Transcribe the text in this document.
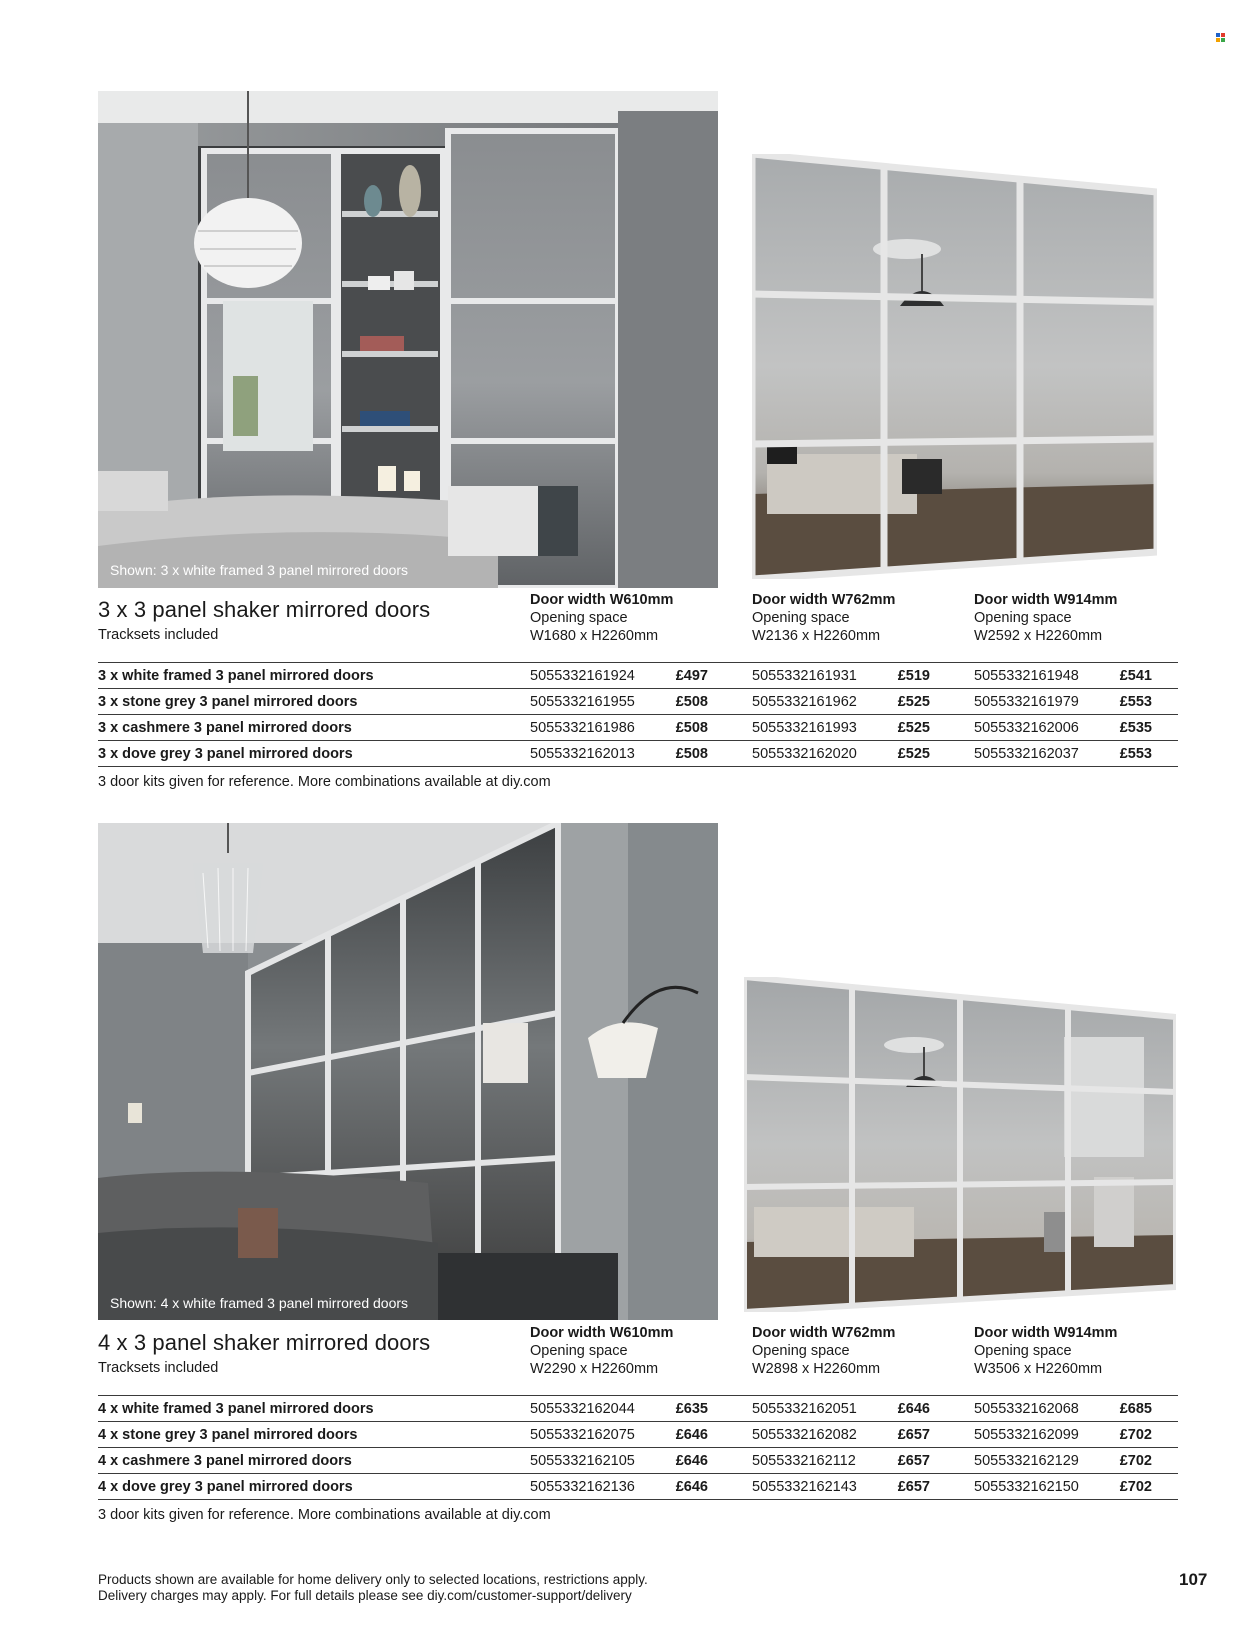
Shown: 3 x white framed 3 panel mirrored doors
3 x 3 panel shaker mirrored doors
Tracksets included
Door width W610mm
Opening space
W1680 x H2260mm
Door width W762mm
Opening space
W2136 x H2260mm
Door width W914mm
Opening space
W2592 x H2260mm
3 x white framed 3 panel mirrored doors	5055332161924	£497	5055332161931	£519	5055332161948	£541
3 x stone grey 3 panel mirrored doors	5055332161955	£508	5055332161962	£525	5055332161979	£553
3 x cashmere 3 panel mirrored doors	5055332161986	£508	5055332161993	£525	5055332162006	£535
3 x dove grey 3 panel mirrored doors	5055332162013	£508	5055332162020	£525	5055332162037	£553
3 door kits given for reference. More combinations available at diy.com
Shown: 4 x white framed 3 panel mirrored doors
4 x 3 panel shaker mirrored doors
Tracksets included
Door width W610mm
Opening space
W2290 x H2260mm
Door width W762mm
Opening space
W2898 x H2260mm
Door width W914mm
Opening space
W3506 x H2260mm
4 x white framed 3 panel mirrored doors	5055332162044	£635	5055332162051	£646	5055332162068	£685
4 x stone grey 3 panel mirrored doors	5055332162075	£646	5055332162082	£657	5055332162099	£702
4 x cashmere 3 panel mirrored doors	5055332162105	£646	5055332162112	£657	5055332162129	£702
4 x dove grey 3 panel mirrored doors	5055332162136	£646	5055332162143	£657	5055332162150	£702
3 door kits given for reference. More combinations available at diy.com
Products shown are available for home delivery only to selected locations, restrictions apply.
Delivery charges may apply. For full details please see diy.com/customer-support/delivery
107
